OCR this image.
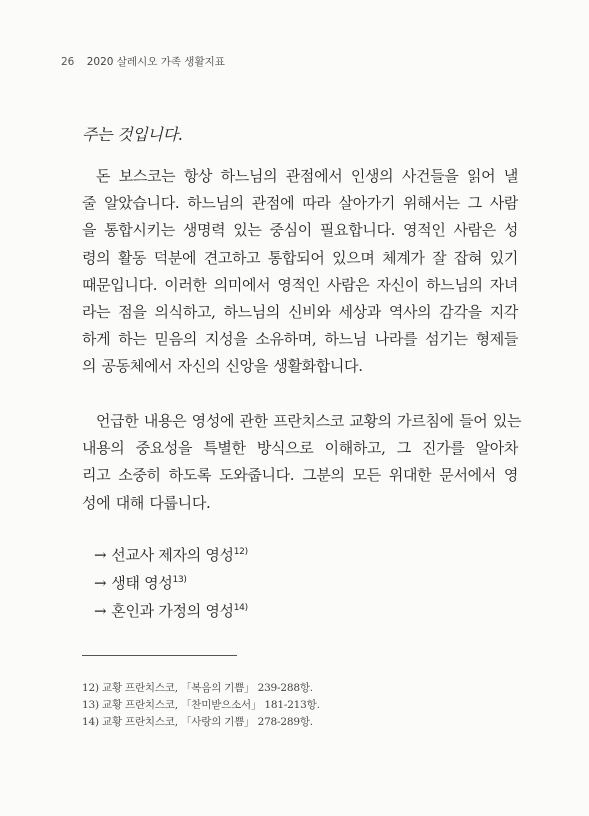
26 2020 살레시오 가족 생활지표
주는 것입니다.
돈 보스코는 항상 하느님의 관점에서 인생의 사건들을 읽어 낼
줄 알았습니다. 하느님의 관점에 따라 살아가기 위해서는 그 사람
을 통합시키는 생명력 있는 중심이 필요합니다. 영적인 사람은 성
령의 활동 덕분에 견고하고 통합되어 있으며 체계가 잘 잡혀 있기
때문입니다. 이러한 의미에서 영적인 사람은 자신이 하느님의 자녀
라는 점을 의식하고, 하느님의 신비와 세상과 역사의 감각을 지각
하게 하는 믿음의 지성을 소유하며, 하느님 나라를 섬기는 형제들
의 공동체에서 자신의 신앙을 생활화합니다.
언급한 내용은 영성에 관한 프란치스코 교황의 가르침에 들어 있는
내용의 중요성을 특별한 방식으로 이해하고, 그 진가를 알아차
리고 소중히 하도록 도와줍니다. 그분의 모든 위대한 문서에서 영
성에 대해 다룹니다.
→ 선교사 제자의 영성$^{12)}$
→ 생태 영성$^{13)}$
→ 혼인과 가정의 영성$^{14)}$
12) 교황 프란치스코, 「복음의 기쁨」 239-288항.
13) 교황 프란치스코, 「찬미받으소서」 181-213항.
14) 교황 프란치스코, 「사랑의 기쁨」 278-289항.
